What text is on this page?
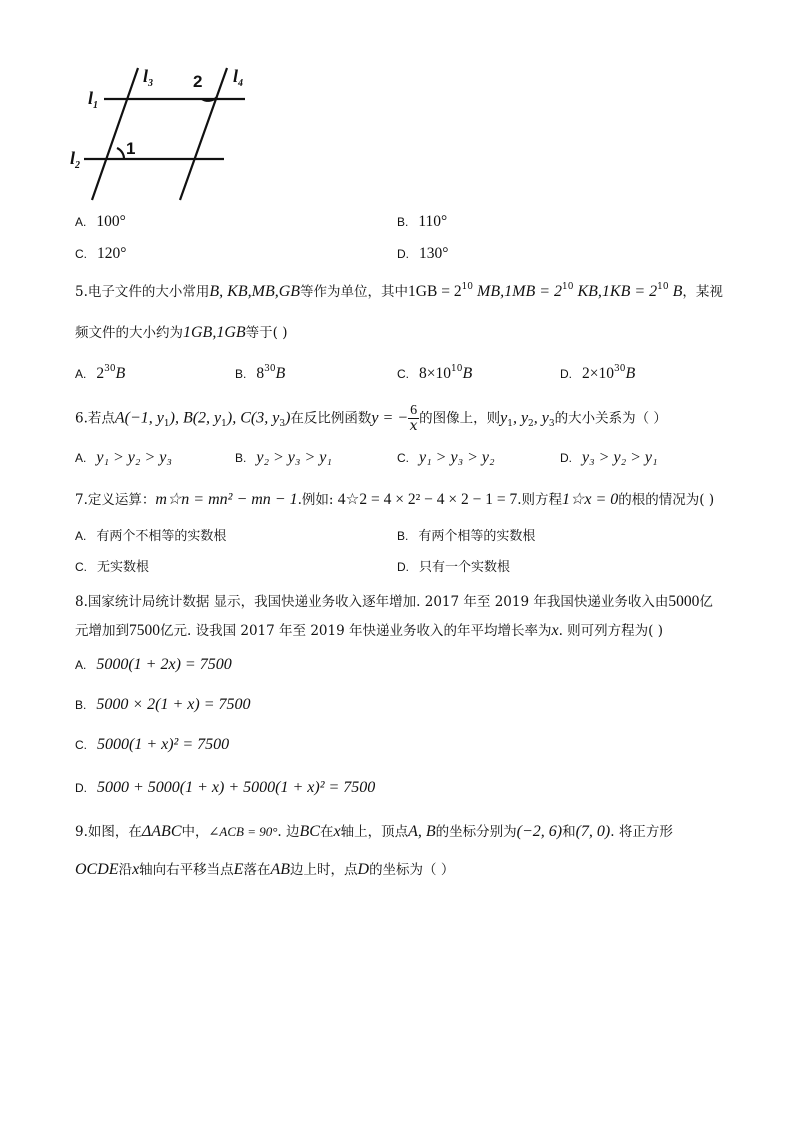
$l_1$
$l_2$
$l_3$	$l_4$
1
2
A. 100°	B. 110°
C. 120°	D. 130°
5.电子文件的大小常用B, KB,MB,GB等作为单位，其中$1GB = 2^{10}$ $MB,1MB = 2^{10}$ $KB,1KB = 2^{10}$ B，某视
频文件的大小约为1GB,1GB等于( )
A. $2^{30}B$	B. $8^{30}B$	C. $8\times 10^{10}B$	D. $2\times 10^{30}B$
6.若点A(−1, $y_1$), B(2, $y_1$), C(3, $y_3$)在反比例函数y = − $\frac{6}{x}$ 的图像上，则$y_1$, $y_2$, $y_3$的大小关系为（ ）
A. y₁ > y₂ > y₃	B. y₂ > y₃ > y₁	C. y₁ > y₃ > y₂	D. y₃ > y₂ > y₁
7.定义运算：m☆n = mn² − mn − 1.例如: 4☆2 = 4 × 2² − 4 × 2 − 1 = 7.则方程1☆x = 0的根的情况为( )
A. 有两个不相等的实数根	B. 有两个相等的实数根
C. 无实数根	D. 只有一个实数根
8.国家统计局统计数据 显示，我国快递业务收入逐年增加. 2017 年至 2019 年我国快递业务收入由5000亿
元增加到7500亿元. 设我国 2017 年至 2019 年快递业务收入的年平均增长率为x. 则可列方程为( )
A. 5000(1 + 2x) = 7500
B. 5000 × 2(1 + x) = 7500
C. 5000(1 + x)² = 7500
D. 5000 + 5000(1 + x) + 5000(1 + x)² = 7500
9.如图，在ΔABC中，∠ACB = 90°. 边BC在x轴上，顶点A, B的坐标分别为(−2, 6)和(7, 0). 将正方形
OCDE沿x轴向右平移当点E落在AB边上时，点D的坐标为（ ）
